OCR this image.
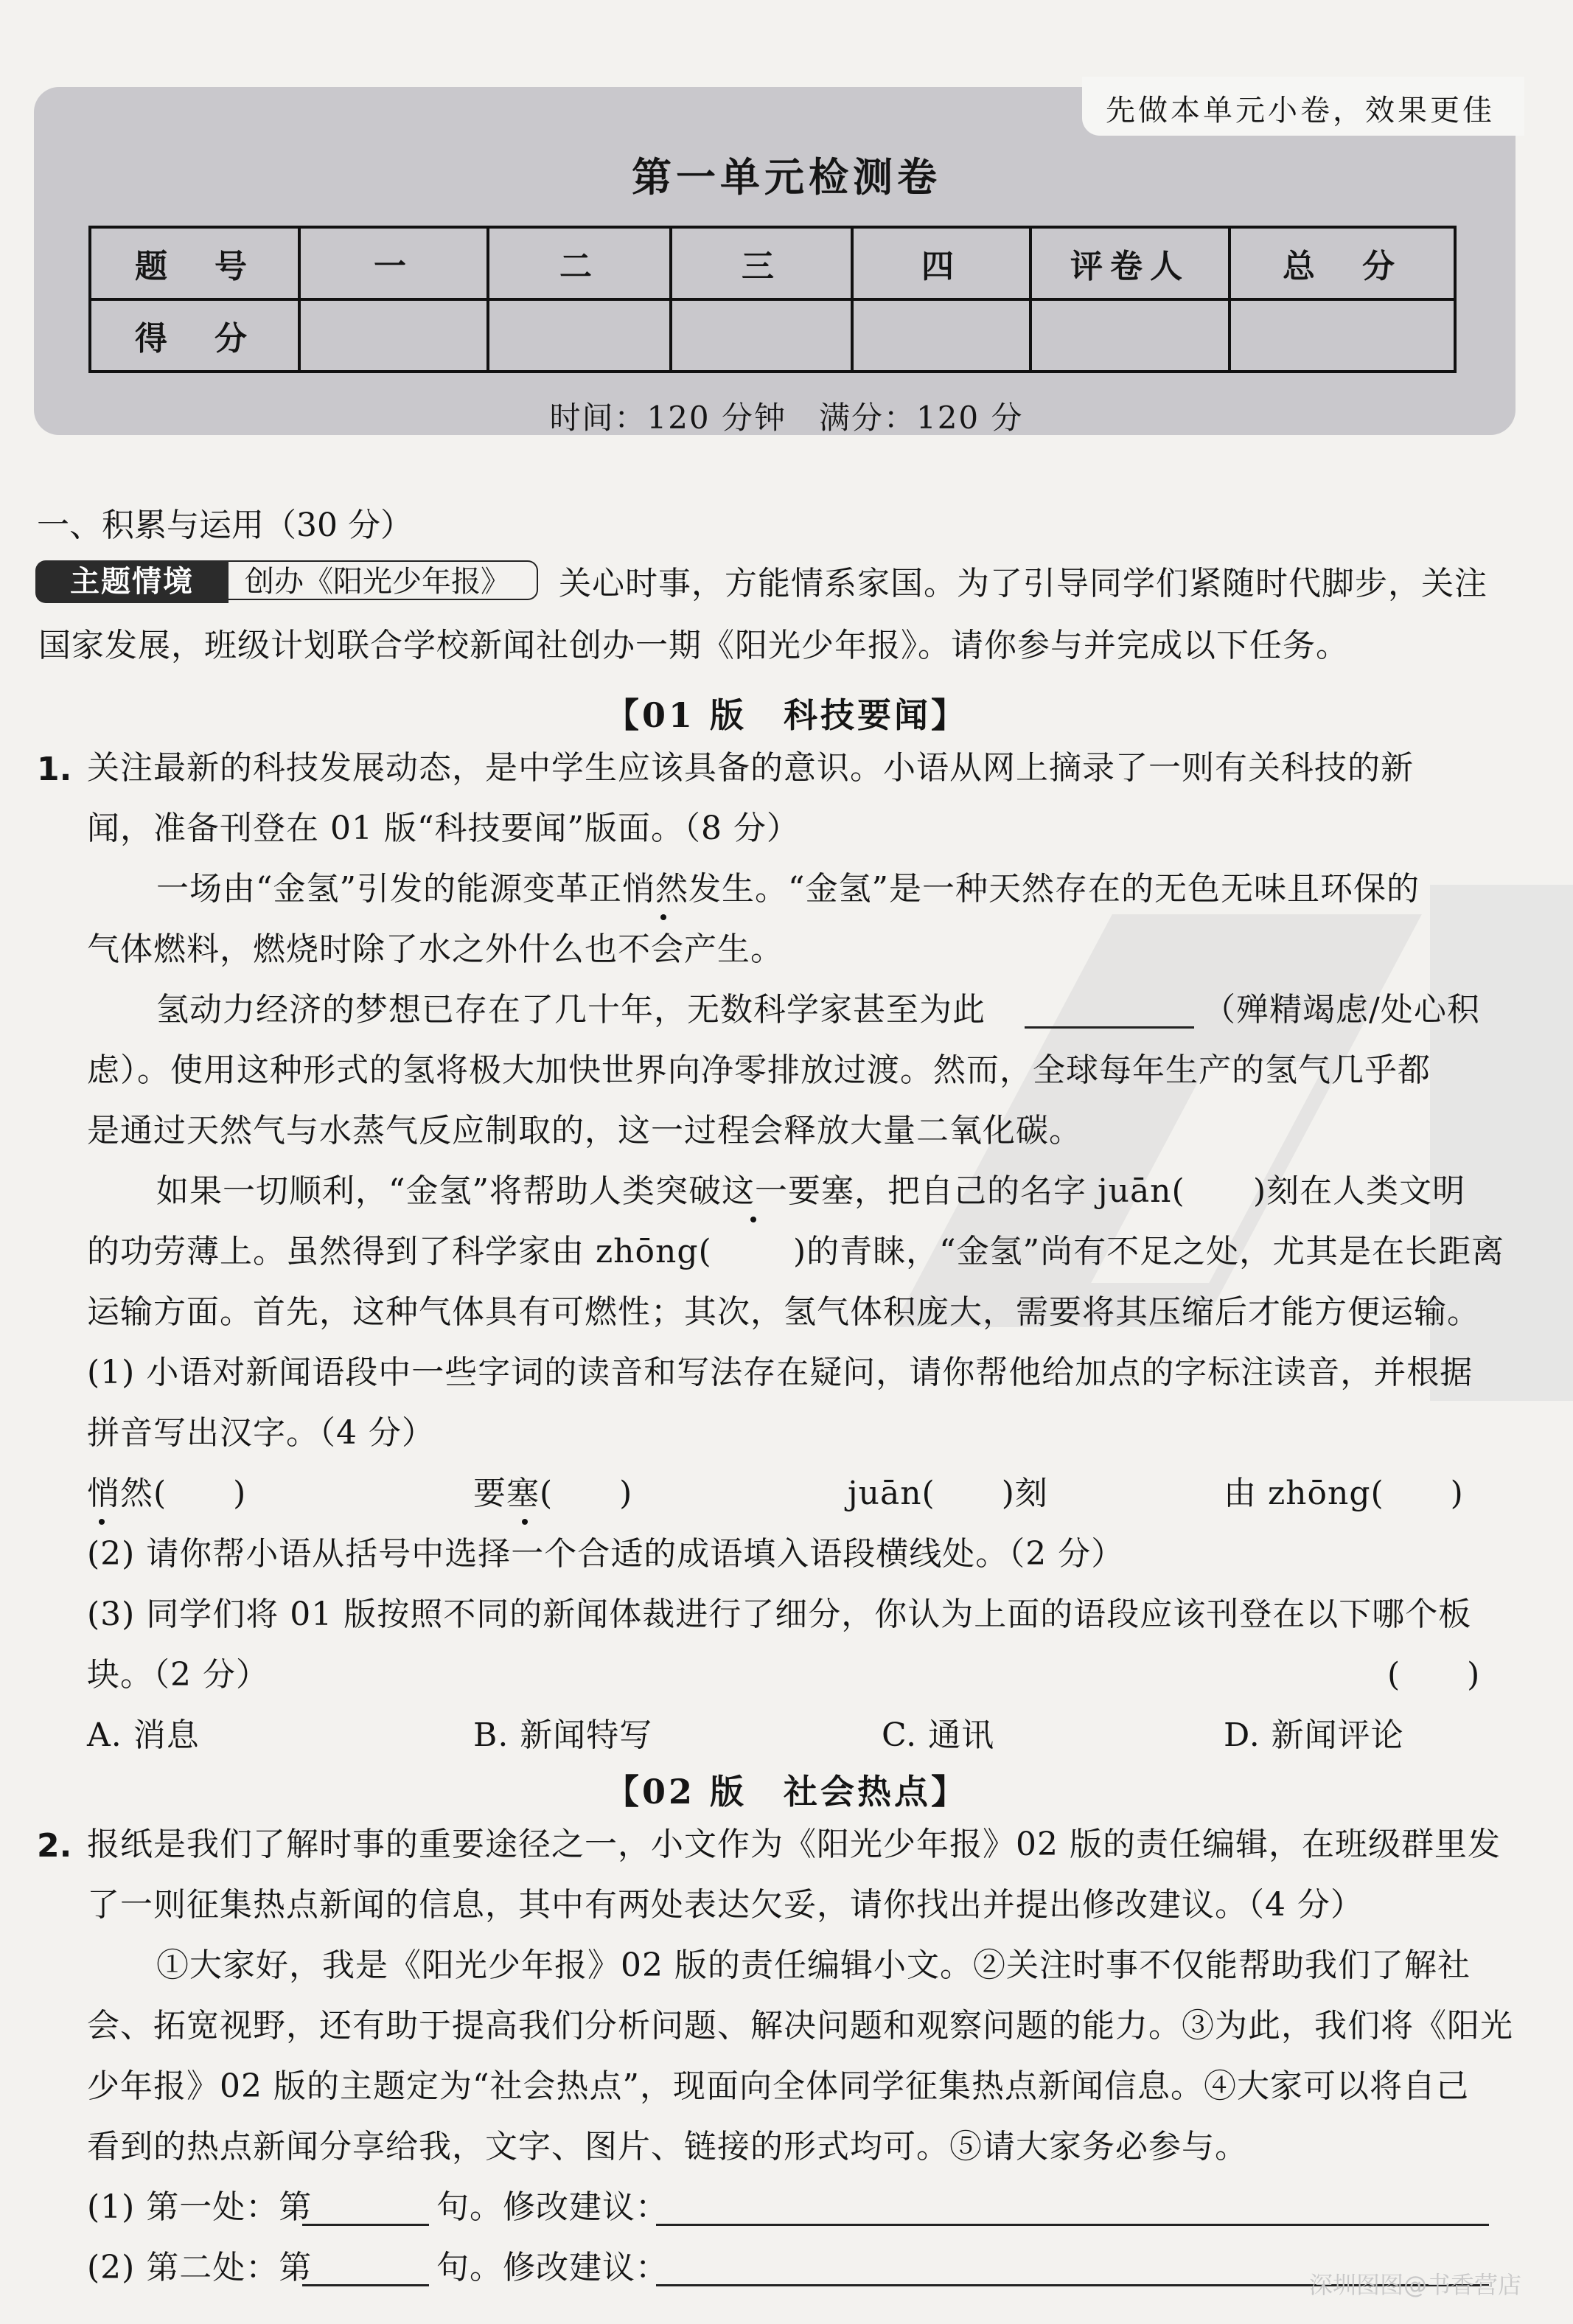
先做本单元小卷，效果更佳
第一单元检测卷
题　号	一	二	三	四	评卷人	总　分
得　分						
时间：120 分钟　满分：120 分
一、积累与运用（30 分）
主题情境	创办《阳光少年报》	关心时事，方能情系家国。为了引导同学们紧随时代脚步，关注
国家发展，班级计划联合学校新闻社创办一期《阳光少年报》。请你参与并完成以下任务。
【01 版　科技要闻】
1. 关注最新的科技发展动态，是中学生应该具备的意识。小语从网上摘录了一则有关科技的新
闻，准备刊登在 01 版“科技要闻”版面。（8 分）
一场由“金氢”引发的能源变革正悄然发生。“金氢”是一种天然存在的无色无味且环保的
气体燃料，燃烧时除了水之外什么也不会产生。
氢动力经济的梦想已存在了几十年，无数科学家甚至为此	（殚精竭虑/处心积
虑）。使用这种形式的氢将极大加快世界向净零排放过渡。然而，全球每年生产的氢气几乎都
是通过天然气与水蒸气反应制取的，这一过程会释放大量二氧化碳。
如果一切顺利，“金氢”将帮助人类突破这一要塞，把自己的名字 juān( )刻在人类文明
的功劳薄上。虽然得到了科学家由 zhōng(	)的青睐，“金氢”尚有不足之处，尤其是在长距离
运输方面。首先，这种气体具有可燃性；其次，氢气体积庞大，需要将其压缩后才能方便运输。
(1) 小语对新闻语段中一些字词的读音和写法存在疑问，请你帮他给加点的字标注读音，并根据
拼音写出汉字。（4 分）
悄然(　　)	要塞(　　)	juān(　　)刻	由 zhōng(　　)
(2) 请你帮小语从括号中选择一个合适的成语填入语段横线处。（2 分）
(3) 同学们将 01 版按照不同的新闻体裁进行了细分，你认为上面的语段应该刊登在以下哪个板
块。（2 分）	(　　)
A. 消息	B. 新闻特写	C. 通讯	D. 新闻评论
【02 版　社会热点】
2. 报纸是我们了解时事的重要途径之一，小文作为《阳光少年报》02 版的责任编辑，在班级群里发
了一则征集热点新闻的信息，其中有两处表达欠妥，请你找出并提出修改建议。（4 分）
①大家好，我是《阳光少年报》02 版的责任编辑小文。②关注时事不仅能帮助我们了解社
会、拓宽视野，还有助于提高我们分析问题、解决问题和观察问题的能力。③为此，我们将《阳光
少年报》02 版的主题定为“社会热点”，现面向全体同学征集热点新闻信息。④大家可以将自己
看到的热点新闻分享给我，文字、图片、链接的形式均可。⑤请大家务必参与。
(1) 第一处：第	句。修改建议：
(2) 第二处：第	句。修改建议：	深圳图图@书香营店
